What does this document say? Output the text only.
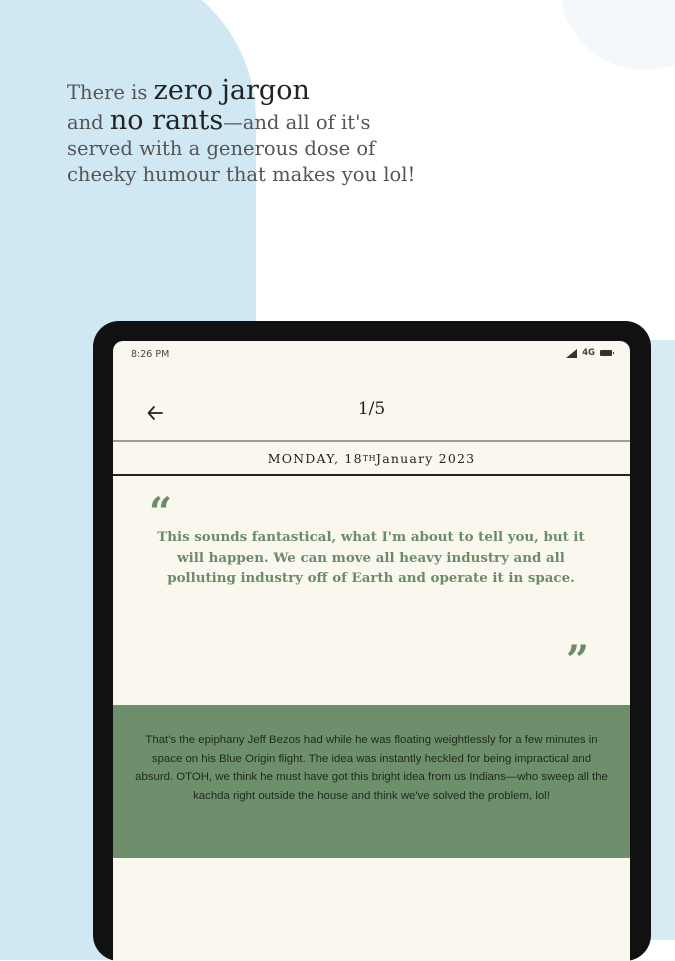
There is zero jargon
and no rants—and all of it's
served with a generous dose of
cheeky humour that makes you lol!
8:26 PM	4G
1/5
MONDAY, 18 TH January 2023
“
This sounds fantastical, what I'm about to tell you, but it will happen. We can move all heavy industry and all polluting industry off of Earth and operate it in space.
”
That's the epiphany Jeff Bezos had while he was floating weightlessly for a few minutes in space on his Blue Origin flight. The idea was instantly heckled for being impractical and absurd. OTOH, we think he must have got this bright idea from us Indians—who sweep all the kachda right outside the house and think we've solved the problem, lol!
